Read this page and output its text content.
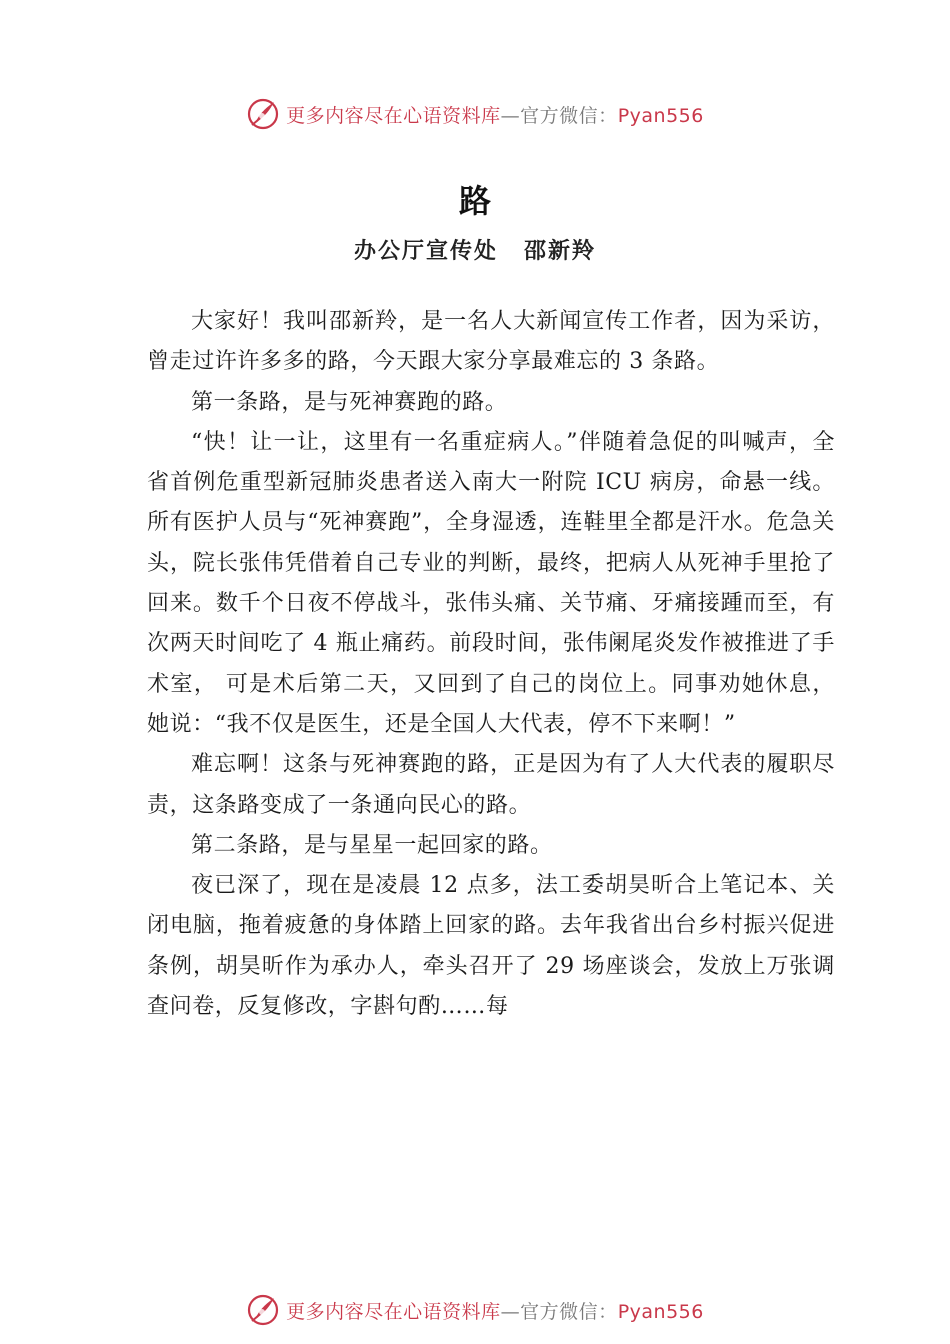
更多内容尽在心语资料库—官方微信：Pyan556
路
办公厅宣传处 邵新羚

大家好！我叫邵新羚，是一名人大新闻宣传工作者，因为采访，曾走过许许多多的路，今天跟大家分享最难忘的 3 条路。

第一条路，是与死神赛跑的路。

“快！让一让，这里有一名重症病人。”伴随着急促的叫喊声，全省首例危重型新冠肺炎患者送入南大一附院 ICU 病房，命悬一线。所有医护人员与“死神赛跑”，全身湿透，连鞋里全都是汗水。危急关头，院长张伟凭借着自己专业的判断，最终，把病人从死神手里抢了回来。数千个日夜不停战斗，张伟头痛、关节痛、牙痛接踵而至，有次两天时间吃了 4 瓶止痛药。前段时间，张伟阑尾炎发作被推进了手术室， 可是术后第二天，又回到了自己的岗位上。同事劝她休息， 她说：“我不仅是医生，还是全国人大代表，停不下来啊！”

难忘啊！这条与死神赛跑的路，正是因为有了人大代表的履职尽责，这条路变成了一条通向民心的路。

第二条路，是与星星一起回家的路。

夜已深了，现在是凌晨 12 点多，法工委胡昊昕合上笔记本、关闭电脑，拖着疲惫的身体踏上回家的路。去年我省出台乡村振兴促进条例，胡昊昕作为承办人，牵头召开了 29 场座谈会，发放上万张调查问卷，反复修改，字斟句酌……每

更多内容尽在心语资料库—官方微信：Pyan556
